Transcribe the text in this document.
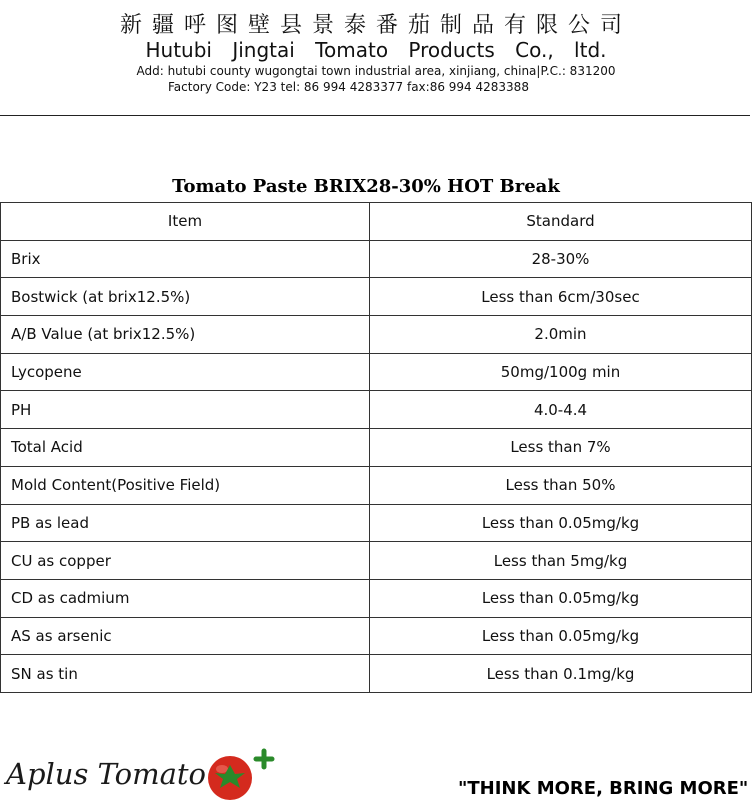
新疆呼图壁县景泰番茄制品有限公司
Hutubi Jingtai Tomato Products Co., ltd.
Add: hutubi county wugongtai town industrial area, xinjiang, china|P.C.: 831200
Factory Code: Y23 tel: 86 994 4283377 fax:86 994 4283388
Tomato Paste BRIX28-30% HOT Break
Item	Standard
Brix	28-30%
Bostwick (at brix12.5%)	Less than 6cm/30sec
A/B Value (at brix12.5%)	2.0min
Lycopene	50mg/100g min
PH	4.0-4.4
Total Acid	Less than 7%
Mold Content(Positive Field)	Less than 50%
PB as lead	Less than 0.05mg/kg
CU as copper	Less than 5mg/kg
CD as cadmium	Less than 0.05mg/kg
AS as arsenic	Less than 0.05mg/kg
SN as tin	Less than 0.1mg/kg
Aplus Tomato	"THINK MORE, BRING MORE"
